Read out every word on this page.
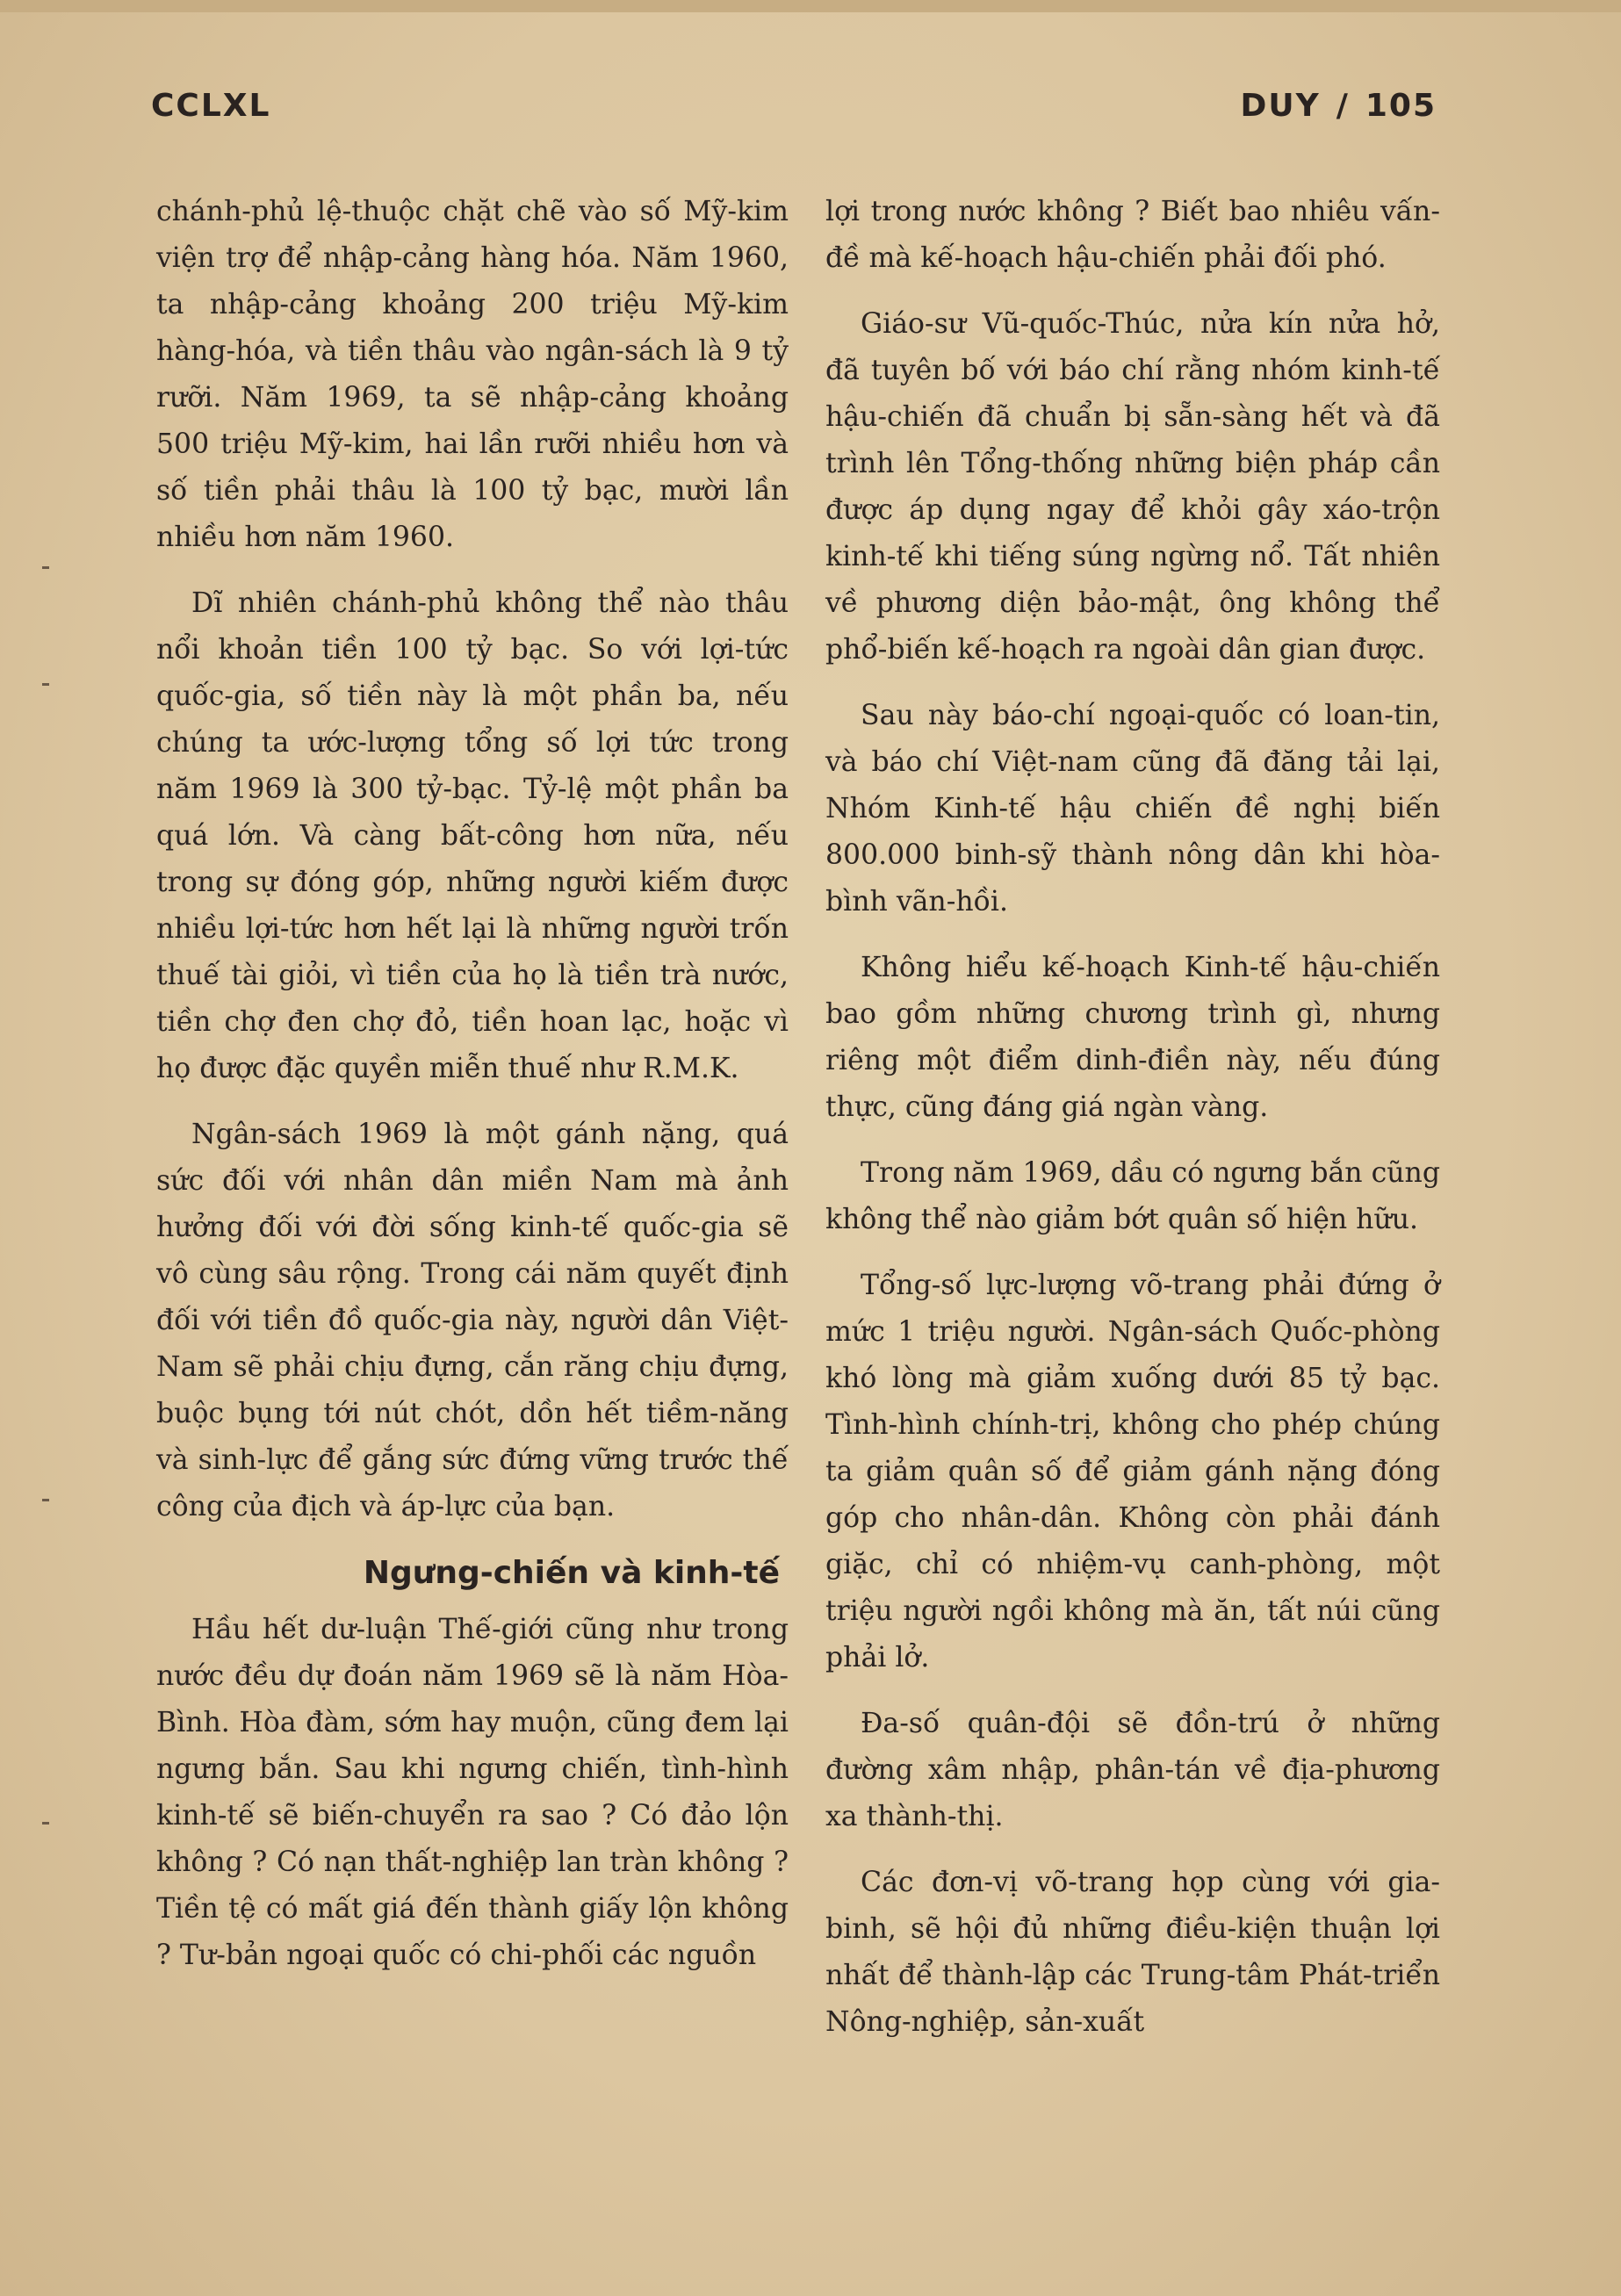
CCLXL	DUY / 105

chánh-phủ lệ-thuộc chặt chẽ vào số Mỹ-kim viện trợ để nhập-cảng hàng hóa. Năm 1960, ta nhập-cảng khoảng 200 triệu Mỹ-kim hàng-hóa, và tiền thâu vào ngân-sách là 9 tỷ rưỡi. Năm 1969, ta sẽ nhập-cảng khoảng 500 triệu Mỹ-kim, hai lần rưỡi nhiều hơn và số tiền phải thâu là 100 tỷ bạc, mười lần nhiều hơn năm 1960.

Dĩ nhiên chánh-phủ không thể nào thâu nổi khoản tiền 100 tỷ bạc. So với lợi-tức quốc-gia, số tiền này là một phần ba, nếu chúng ta ước-lượng tổng số lợi tức trong năm 1969 là 300 tỷ-bạc. Tỷ-lệ một phần ba quá lớn. Và càng bất-công hơn nữa, nếu trong sự đóng góp, những người kiếm được nhiều lợi-tức hơn hết lại là những người trốn thuế tài giỏi, vì tiền của họ là tiền trà nước, tiền chợ đen chợ đỏ, tiền hoan lạc, hoặc vì họ được đặc quyền miễn thuế như R.M.K.

Ngân-sách 1969 là một gánh nặng, quá sức đối với nhân dân miền Nam mà ảnh hưởng đối với đời sống kinh-tế quốc-gia sẽ vô cùng sâu rộng. Trong cái năm quyết định đối với tiền đồ quốc-gia này, người dân Việt-Nam sẽ phải chịu đựng, cắn răng chịu đựng, buộc bụng tới nút chót, dồn hết tiềm-năng và sinh-lực để gắng sức đứng vững trước thế công của địch và áp-lực của bạn.

Ngưng-chiến và kinh-tế

Hầu hết dư-luận Thế-giới cũng như trong nước đều dự đoán năm 1969 sẽ là năm Hòa-Bình. Hòa đàm, sớm hay muộn, cũng đem lại ngưng bắn. Sau khi ngưng chiến, tình-hình kinh-tế sẽ biến-chuyển ra sao ? Có đảo lộn không ? Có nạn thất-nghiệp lan tràn không ? Tiền tệ có mất giá đến thành giấy lộn không ? Tư-bản ngoại quốc có chi-phối các nguồn

lợi trong nước không ? Biết bao nhiêu vấn-đề mà kế-hoạch hậu-chiến phải đối phó.

Giáo-sư Vũ-quốc-Thúc, nửa kín nửa hở, đã tuyên bố với báo chí rằng nhóm kinh-tế hậu-chiến đã chuẩn bị sẵn-sàng hết và đã trình lên Tổng-thống những biện pháp cần được áp dụng ngay để khỏi gây xáo-trộn kinh-tế khi tiếng súng ngừng nổ. Tất nhiên về phương diện bảo-mật, ông không thể phổ-biến kế-hoạch ra ngoài dân gian được.

Sau này báo-chí ngoại-quốc có loan-tin, và báo chí Việt-nam cũng đã đăng tải lại, Nhóm Kinh-tế hậu chiến đề nghị biến 800.000 binh-sỹ thành nông dân khi hòa-bình vãn-hồi.

Không hiểu kế-hoạch Kinh-tế hậu-chiến bao gồm những chương trình gì, nhưng riêng một điểm dinh-điền này, nếu đúng thực, cũng đáng giá ngàn vàng.

Trong năm 1969, dầu có ngưng bắn cũng không thể nào giảm bớt quân số hiện hữu.

Tổng-số lực-lượng võ-trang phải đứng ở mức 1 triệu người. Ngân-sách Quốc-phòng khó lòng mà giảm xuống dưới 85 tỷ bạc. Tình-hình chính-trị, không cho phép chúng ta giảm quân số để giảm gánh nặng đóng góp cho nhân-dân. Không còn phải đánh giặc, chỉ có nhiệm-vụ canh-phòng, một triệu người ngồi không mà ăn, tất núi cũng phải lở.

Đa-số quân-đội sẽ đồn-trú ở những đường xâm nhập, phân-tán về địa-phương xa thành-thị.

Các đơn-vị võ-trang họp cùng với gia-binh, sẽ hội đủ những điều-kiện thuận lợi nhất để thành-lập các Trung-tâm Phát-triển Nông-nghiệp, sản-xuất
